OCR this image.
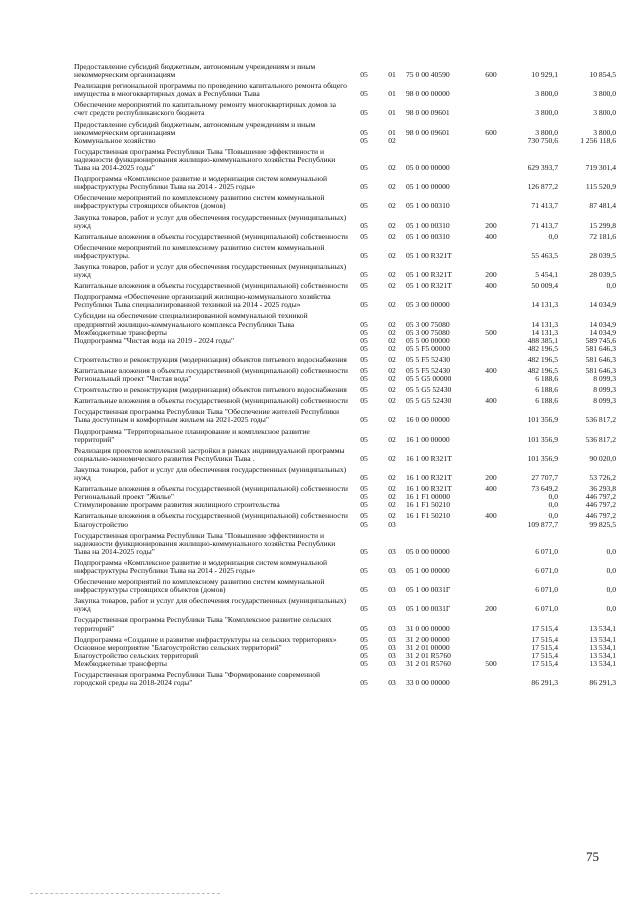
Предоставление субсидий бюджетным, автономным учреждениям и иным некоммерческим организациям	05	01	75 0 00 40590	600	10 929,1	10 854,5
Реализация региональной программы по проведению капитального ремонта общего имущества в многоквартирных домах в Республики Тыва	05	01	98 0 00 00000		3 800,0	3 800,0
Обеспечение мероприятий по капитальному ремонту многоквартирных домов за счет средств республиканского бюджета	05	01	98 0 00 09601		3 800,0	3 800,0
Предоставление субсидий бюджетным, автономным учреждениям и иным некоммерческим организациям	05	01	98 0 00 09601	600	3 800,0	3 800,0
Коммунальное хозяйство	05	02			730 750,6	1 256 118,6
Государственная программа Республики Тыва "Повышение эффективности и надежности функционирования жилищно-коммунального хозяйства Республики Тыва на 2014-2025 годы"	05	02	05 0 00 00000		629 393,7	719 301,4
Подпрограмма «Комплексное развитие и модернизация систем коммунальной инфраструктуры Республики Тыва на 2014 - 2025 годы»	05	02	05 1 00 00000		126 877,2	115 520,9
Обеспечение мероприятий по комплексному развитию систем коммунальной инфраструктуры строящихся объектов (домов)	05	02	05 1 00 00310		71 413,7	87 481,4
Закупка товаров, работ и услуг для обеспечения государственных (муниципальных) нужд	05	02	05 1 00 00310	200	71 413,7	15 299,8
Капитальные вложения в объекты государственной (муниципальной) собственности	05	02	05 1 00 00310	400	0,0	72 181,6
Обеспечение мероприятий по комплексному развитию систем коммунальной инфраструктуры.	05	02	05 1 00 R321T		55 463,5	28 039,5
Закупка товаров, работ и услуг для обеспечения государственных (муниципальных) нужд	05	02	05 1 00 R321T	200	5 454,1	28 039,5
Капитальные вложения в объекты государственной (муниципальной) собственности	05	02	05 1 00 R321T	400	50 009,4	0,0
Подпрограмма «Обеспечение организаций жилищно-коммунального хозяйства Республики Тыва специализированной техникой на 2014 - 2025 годы»	05	02	05 3 00 00000		14 131,3	14 034,9
Субсидии на обеспечение специализированной коммунальной техникой предприятий жилищно-коммунального комплекса Республики Тыва	05	02	05 3 00 75080		14 131,3	14 034,9
Межбюджетные трансферты	05	02	05 3 00 75080	500	14 131,3	14 034,9
Подпрограмма "Чистая вода на 2019 - 2024 годы"	05	02	05 5 00 00000		488 385,1	589 745,6
	05	02	05 5 F5 00000		482 196,5	581 646,3
Строительство и реконструкция (модернизация) объектов питьевого водоснабжения	05	02	05 5 F5 52430		482 196,5	581 646,3
Капитальные вложения в объекты государственной (муниципальной) собственности	05	02	05 5 F5 52430	400	482 196,5	581 646,3
Региональный проект "Чистая вода"	05	02	05 5 G5 00000		6 188,6	8 099,3
Строительство и реконструкция (модернизация) объектов питьевого водоснабжения	05	02	05 5 G5 52430		6 188,6	8 099,3
Капитальные вложения в объекты государственной (муниципальной) собственности	05	02	05 5 G5 52430	400	6 188,6	8 099,3
Государственная программа Республики Тыва "Обеспечение жителей Республики Тыва доступным и комфортным жильем на 2021-2025 годы"	05	02	16 0 00 00000		101 356,9	536 817,2
Подпрограмма "Территориальное планирование и комплексное развитие территорий"	05	02	16 1 00 00000		101 356,9	536 817,2
Реализация проектов комплексной застройки в рамках индивидуальной программы социально-экономического развития Республики Тыва .	05	02	16 1 00 R321T		101 356,9	90 020,0
Закупка товаров, работ и услуг для обеспечения государственных (муниципальных) нужд	05	02	16 1 00 R321T	200	27 707,7	53 726,2
Капитальные вложения в объекты государственной (муниципальной) собственности	05	02	16 1 00 R321T	400	73 649,2	36 293,8
Региональный проект "Жилье"	05	02	16 1 F1 00000		0,0	446 797,2
Стимулирование программ развития жилищного строительства	05	02	16 1 F1 50210		0,0	446 797,2
Капитальные вложения в объекты государственной (муниципальной) собственности	05	02	16 1 F1 50210	400	0,0	446 797,2
Благоустройство	05	03			109 877,7	99 825,5
Государственная программа Республики Тыва "Повышение эффективности и надежности функционирования жилищно-коммунального хозяйства Республики Тыва на 2014-2025 годы"	05	03	05 0 00 00000		6 071,0	0,0
Подпрограмма «Комплексное развитие и модернизация систем коммунальной инфраструктуры Республики Тыва на 2014 - 2025 годы»	05	03	05 1 00 00000		6 071,0	0,0
Обеспечение мероприятий по комплексному развитию систем коммунальной инфраструктуры строящихся объектов (домов)	05	03	05 1 00 0031Г		6 071,0	0,0
Закупка товаров, работ и услуг для обеспечения государственных (муниципальных) нужд	05	03	05 1 00 0031Г	200	6 071,0	0,0
Государственная программа Республики Тыва "Комплексное развитие сельских территорий"	05	03	31 0 00 00000		17 515,4	13 534,1
Подпрограмма «Создание и развитие инфраструктуры на сельских территориях»	05	03	31 2 00 00000		17 515,4	13 534,1
Основное мероприятие "Благоустройство сельских территорий"	05	03	31 2 01 00000		17 515,4	13 534,1
Благоустройство сельских территорий	05	03	31 2 01 R5760		17 515,4	13 534,1
Межбюджетные трансферты	05	03	31 2 01 R5760	500	17 515,4	13 534,1
Государственная программа Республики Тыва "Формирование современной городской среды на 2018-2024 годы"	05	03	33 0 00 00000		86 291,3	86 291,3
75
